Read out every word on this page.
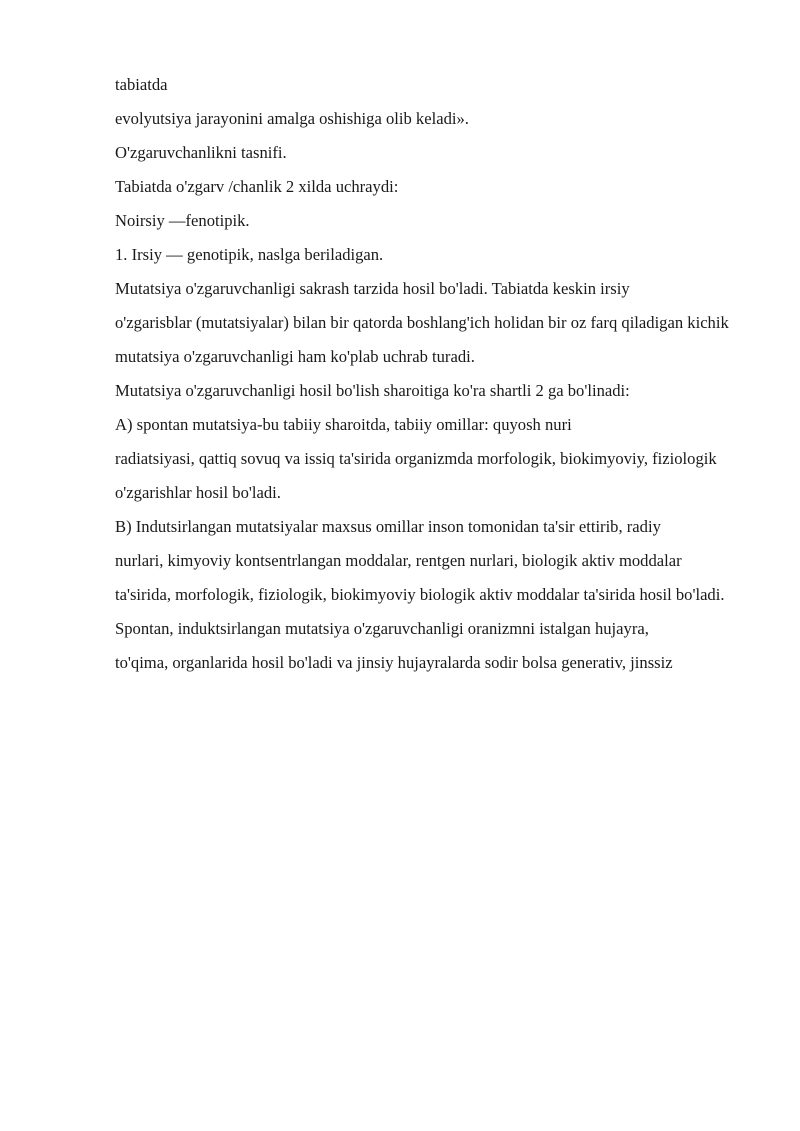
tabiatda

evolyutsiya jarayonini amalga oshishiga olib keladi».

O'zgaruvchanlikni tasnifi.

Tabiatda o'zgarv /chanlik 2 xilda uchraydi:

Noirsiy —fenotipik.

1. Irsiy — genotipik, naslga beriladigan.

Mutatsiya o'zgaruvchanligi sakrash tarzida hosil bo'ladi. Tabiatda keskin irsiy

o'zgarisblar (mutatsiyalar) bilan bir qatorda boshlang'ich holidan bir oz farq qiladigan kichik

mutatsiya o'zgaruvchanligi ham ko'plab uchrab turadi.

Mutatsiya o'zgaruvchanligi hosil bo'lish sharoitiga ko'ra shartli 2 ga bo'linadi:

A) spontan mutatsiya-bu tabiiy sharoitda, tabiiy omillar: quyosh nuri

radiatsiyasi, qattiq sovuq va issiq ta'sirida organizmda morfologik, biokimyoviy, fiziologik

o'zgarishlar hosil bo'ladi.

B) Indutsirlangan mutatsiyalar maxsus omillar inson tomonidan ta'sir ettirib, radiy

nurlari, kimyoviy kontsentrlangan moddalar, rentgen nurlari, biologik aktiv moddalar

ta'sirida, morfologik, fiziologik, biokimyoviy biologik aktiv moddalar ta'sirida hosil bo'ladi.

Spontan, induktsirlangan mutatsiya o'zgaruvchanligi oranizmni istalgan hujayra,

to'qima, organlarida hosil bo'ladi va jinsiy hujayralarda sodir bolsa generativ, jinssiz
